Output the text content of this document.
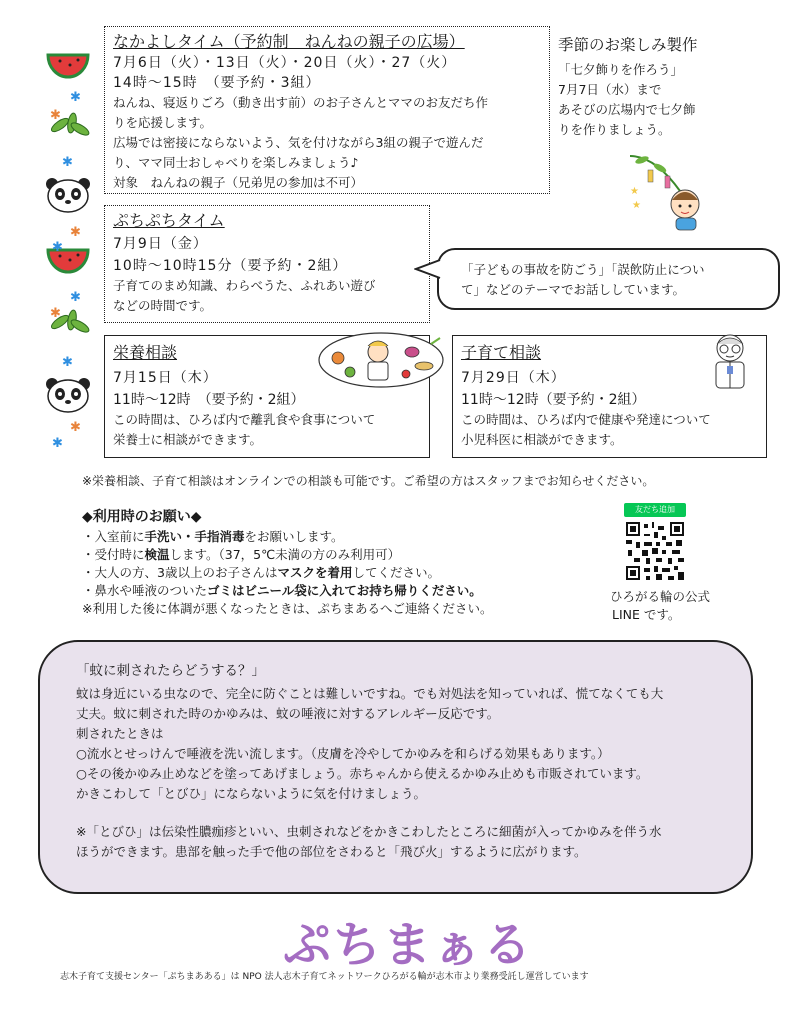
✱
✱
✱
✱
✱
✱
✱
✱
✱
✱
なかよしタイム（予約制　ねんねの親子の広場）
7月6日（火）・13日（火）・20日（火）・27（火）
14時〜15時　（要予約・3組）
ねんね、寝返りごろ（動き出す前）のお子さんとママのお友だち作
りを応援します。
広場では密接にならないよう、気を付けながら3組の親子で遊んだ
り、ママ同士おしゃべりを楽しみましょう♪
対象　ねんねの親子（兄弟児の参加は不可）
季節のお楽しみ製作
「七夕飾りを作ろう」
7月7日（水）まで
あそびの広場内で七夕飾
りを作りましょう。
★
★
ぷちぷちタイム
7月9日（金）
10時〜10時15分（要予約・2組）
子育てのまめ知識、わらべうた、ふれあい遊び
などの時間です。
「子どもの事故を防ごう」「誤飲防止につい
て」などのテーマでお話ししています。
栄養相談
7月15日（木）
11時〜12時　（要予約・2組）
この時間は、ひろば内で離乳食や食事について
栄養士に相談ができます。
子育て相談
7月29日（木）
11時〜12時（要予約・2組）
この時間は、ひろば内で健康や発達について
小児科医に相談ができます。
※栄養相談、子育て相談はオンラインでの相談も可能です。ご希望の方はスタッフまでお知らせください。
◆利用時のお願い◆
・入室前に手洗い・手指消毒をお願いします。
・受付時に検温します。（37，5℃未満の方のみ利用可）
・大人の方、3歳以上のお子さんはマスクを着用してください。
・鼻水や唾液のついたゴミはビニール袋に入れてお持ち帰りください。
※利用した後に体調が悪くなったときは、ぷちまあるへご連絡ください。
友だち追加
ひろがる輪の公式
LINE です。
「蚊に刺されたらどうする？」
蚊は身近にいる虫なので、完全に防ぐことは難しいですね。でも対処法を知っていれば、慌てなくても大
丈夫。蚊に刺された時のかゆみは、蚊の唾液に対するアレルギー反応です。
刺されたときは
○流水とせっけんで唾液を洗い流します。（皮膚を冷やしてかゆみを和らげる効果もあります。）
○その後かゆみ止めなどを塗ってあげましょう。赤ちゃんから使えるかゆみ止めも市販されています。
かきこわして「とびひ」にならないように気を付けましょう。
※「とびひ」は伝染性膿痂疹といい、虫刺されなどをかきこわしたところに細菌が入ってかゆみを伴う水
ほうができます。患部を触った手で他の部位をさわると「飛び火」するように広がります。
ぷちまぁる
志木子育て支援センター「ぷちまあある」は NPO 法人志木子育てネットワークひろがる輪が志木市より業務受託し運営しています
